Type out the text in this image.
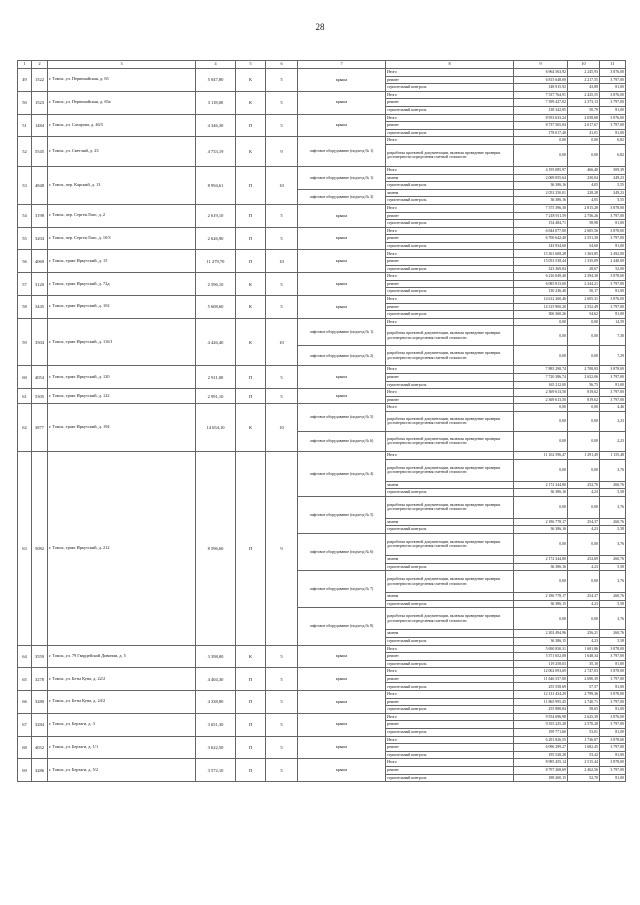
28
1	2	3	4	5	6	7	8	9	10	11
49	1522	г. Томск, ул. Первомайская, д. 65	5 047,80	К	5	крыша	Итого	6 964 563,92	2 245,93	3 876,00
							ремонт	6 815 648,00	2 217,55	3 797,00
							строительный контроль	148 915,92	43,88	81,00
50	1523	г. Томск, ул. Первомайская, д. 65а	3 118,00	К	5	крыша	Итого	7 537 764,91	2 425,55	3 876,00
							ремонт	7 399 427,02	2 373,13	3 797,00
							строительный контроль	138 342,85	50,79	81,00
51	1484	г. Томск, ул. Сахарова, д. 46/5	4 346,30	П	5	крыша	Итого	8 953 633,24	2 058,68	3 876,00
							ремонт	8 737 565,84	2 017,67	3 797,00
							строительный контроль	178 017,40	41,01	81,00
52	5545	г. Томск, ул. Светлый, д. 23	4 733,19	К	9	лифтовое оборудование (подъезд № 1)	Итого	0,00	0,00	6,82
							разработка проектной документации, включая проведение проверки достоверности определения сметной стоимости	0,00	0,00	6,82
53	4848	г. Томск, пер. Карский, д. 13	8 994,61	П	10	лифтовое оборудование (подъезд № 1)	Итого	4 195 085,97	466,40	509,39
							замена	2 069 055,64	230,04	249,23
							строительный контроль	36 386,16	4,05	5,55
						лифтовое оборудование (подъезд № 3)	замена	2 053 250,01	228,28	249,23
							строительный контроль	36 386,16	4,05	5,55
54	3198	г. Томск, пер. Сергея Лазо, д. 2	2 619,10	П	5	крыша	Итого	7 375 396,30	2 815,28	3 878,00
							ремонт	7 218 911,59	2 756,26	3 797,00
							строительный контроль	154 484,71	58,98	81,00
55	3204	г. Томск, пер. Сергея Лазо, д. 10/3	2 626,90	П	5	крыша	Итого	6 844 077,00	2 605,56	3 878,00
							ремонт	6 700 642,40	2 551,30	3 797,00
							строительный контроль	143 934,60	54,60	81,00
56	4069	г. Томск, тракт Иркутский, д. 15	11 279,70	П	10	крыша	Итого	15 361 608,28	1 363,85	2 492,00
							ремонт	15 053 538,44	1 335,09	2 440,00
							строительный контроль	323 369,84	28,67	52,00
57	3120	г. Томск, тракт Иркутский, д. 72д	2 596,10	К	5	крыша	Итого	6 216 049,40	2 394,38	3 878,00
							ремонт	6 085 813,00	2 344,21	3 797,00
							строительный контроль	130 236,40	50,17	81,00
58	3445	г. Томск, тракт Иркутский, д. 102	5 608,60	К	5	крыша	Итого	14 612 260,46	2 605,31	3 876,00
							ремонт	14 315 900,20	2 552,49	3 797,00
							строительный контроль	306 360,26	54,62	81,00
59	3504	г. Томск, тракт Иркутский, д. 116/1	4 426,40	К	10	лифтовое оборудование (подъезд № 1)	Итого	0,00	0,00	14,59
							разработка проектной документации, включая проведение проверки достоверности определения сметной стоимости	0,00	0,00	7,30
						лифтовое оборудование (подъезд № 2)	разработка проектной документации, включая проведение проверки достоверности определения сметной стоимости	0,00	0,00	7,29
60	4054	г. Томск, тракт Иркутский, д. 120	2 911,00	П	5	крыша	Итого	7 885 298,74	2 708,83	3 878,00
							ремонт	7 720 386,74	2 652,06	3 797,00
							строительный контроль	165 212,00	56,75	81,00
61	5305	г. Томск, тракт Иркутский, д. 122	2 991,10	П	5	крыша	Итого	2 369 613,50	819,62	3 797,00
							ремонт	2 369 613,50	819,62	3 797,00
62	3877	г. Томск, тракт Иркутский, д. 194	14 654,10	К	10	лифтовое оборудование (подъезд № 5)	Итого	0,00	0,00	4,46
							разработка проектной документации, включая проведение проверки достоверности определения сметной стоимости	0,00	0,00	2,23
						лифтовое оборудование (подъезд № 6)	разработка проектной документации, включая проведение проверки достоверности определения сметной стоимости	0,00	0,00	2,23
63	5082	г. Томск, тракт Иркутский, д. 212	8 596,60	П	9	лифтовое оборудование (подъезд № 4)	Итого	11 102 596,47	1 291,49	1 155,48
							разработка проектной документации, включая проведение проверки достоверности определения сметной стоимости	0,00	0,00	3,76
							замена	2 172 344,80	252,70	260,76
							строительный контроль	36 386,16	4,23	5,58
						лифтовое оборудование (подъезд № 5)	разработка проектной документации, включая проведение проверки достоверности определения сметной стоимости	0,00	0,00	3,76
							замена	2 186 778,17	254,37	260,76
							строительный контроль	36 386,16	4,23	5,58
						лифтовое оборудование (подъезд № 6)	разработка проектной документации, включая проведение проверки достоверности определения сметной стоимости	0,00	0,00	3,76
							замена	2 172 344,80	252,69	260,76
							строительный контроль	36 386,16	4,23	5,58
						лифтовое оборудование (подъезд № 7)	разработка проектной документации, включая проведение проверки достоверности определения сметной стоимости	0,00	0,00	3,76
							замена	2 186 778,17	254,37	260,76
							строительный контроль	36 386,15	4,23	5,58
						лифтовое оборудование (подъезд № 8)	разработка проектной документации, включая проведение проверки достоверности определения сметной стоимости	0,00	0,00	3,76
							замена	2 202 494,96	256,21	260,76
							строительный контроль	36 386,15	4,23	5,58
64	3559	г. Томск, ул. 79 Гвардейской Дивизии, д. 5	3 398,00	К	5	крыша	Итого	5 690 830,31	1 681,86	3 878,00
							ремонт	5 571 652,08	1 648,34	3 797,00
							строительный контроль	119 258,03	35,10	81,00
65	3278	г. Томск, ул. Беты Куна, д. 22/2	4 404,30	П	5	крыша	Итого	12 002 093,69	2 747,03	3 878,00
							ремонт	11 646 557,00	2 690,39	3 797,00
							строительный контроль	255 558,69	57,57	81,00
66	3280	г. Томск, ул. Беты Куна, д. 24/2	4 338,80	П	5	крыша	Итого	12 131 434,29	2 799,36	3 878,00
							ремонт	11 865 995,45	2 740,71	3 797,00
							строительный контроль	255 888,84	58,65	81,00
67	3284	г. Томск, ул. Берзаги, д. 3	3 651,30	П	5	крыша	Итого	9 554 696,98	2 625,39	3 876,00
							ремонт	9 355 225,28	2 570,28	3 797,00
							строительный контроль	199 771,60	53,01	81,00
68	4052	г. Томск, ул. Берзаги, д. 1/1	3 622,50	П	5	крыша	Итого	6 291 826,55	1 736,87	3 878,00
							ремонт	6 096 299,27	1 682,45	3 797,00
							строительный контроль	195 528,28	53,42	81,00
69	3286	г. Томск, ул. Берзаги, д. 5/2	3 572,10	П	5	крыша	Итого	8 985 455,14	2 515,44	3 878,00
							ремонт	8 797 268,69	2 462,56	3 797,00
							строительный контроль	188 260,15	52,70	81,00
